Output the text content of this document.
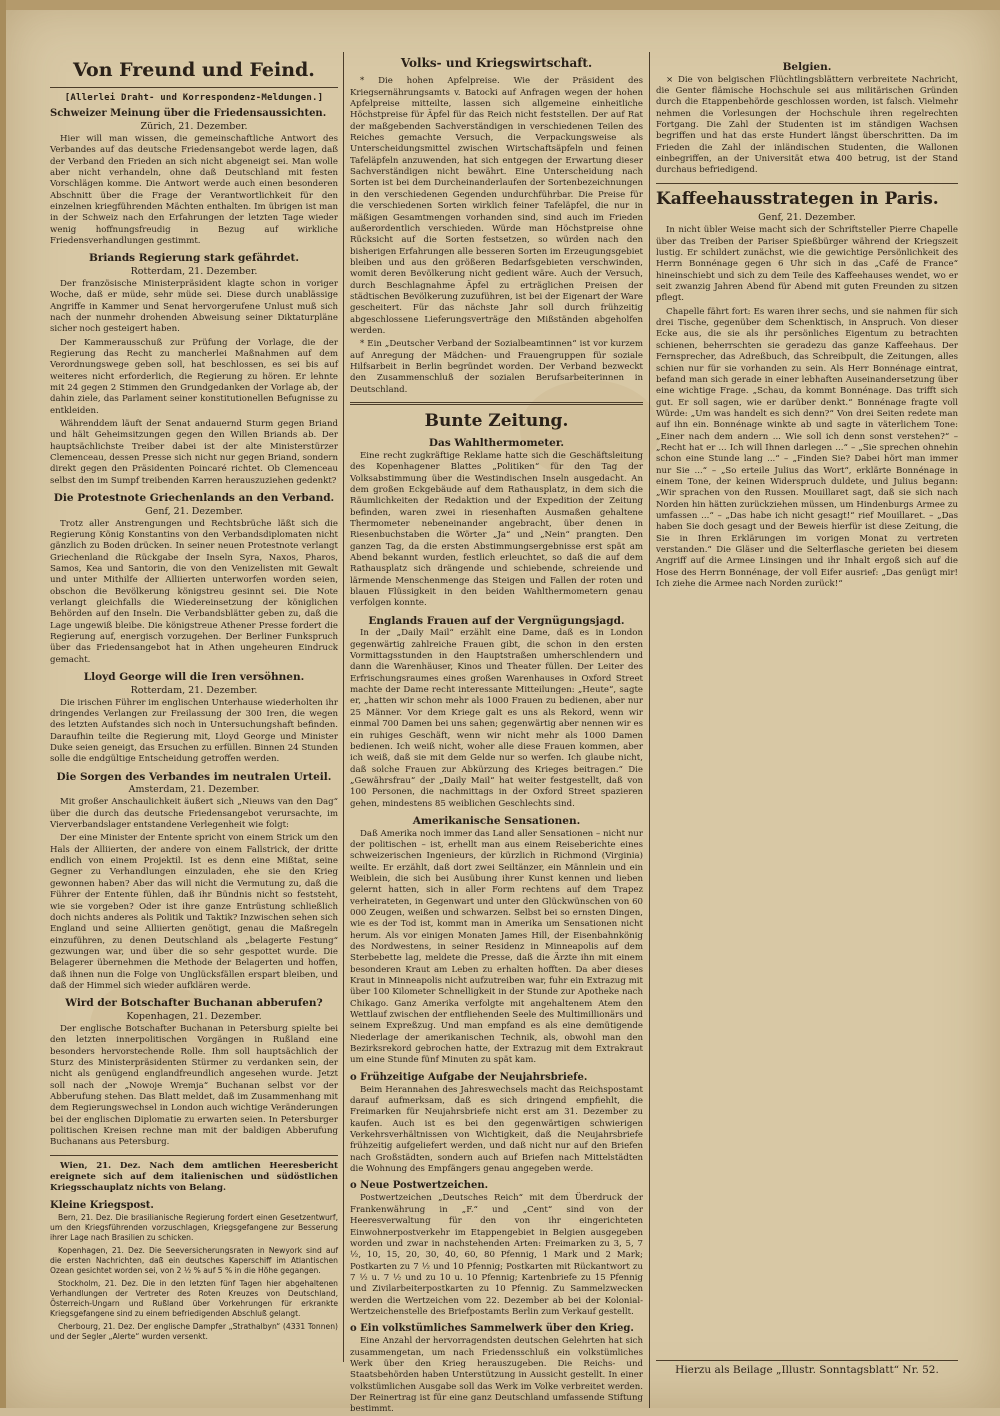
Von Freund und Feind.
[Allerlei Draht- und Korrespondenz-Meldungen.]
Schweizer Meinung über die Friedensaussichten.
Zürich, 21. Dezember.

Hier will man wissen, die gemeinschaftliche Antwort des Verbandes auf das deutsche Friedensangebot werde lagen, daß der Verband den Frieden an sich nicht abgeneigt sei. Man wolle aber nicht verhandeln, ohne daß Deutschland mit festen Vorschlägen komme. Die Antwort werde auch einen besonderen Abschnitt über die Frage der Verantwortlichkeit für den einzelnen kriegführenden Mächten enthalten. Im übrigen ist man in der Schweiz nach den Erfahrungen der letzten Tage wieder wenig hoffnungsfreudig in Bezug auf wirkliche Friedensverhandlungen gestimmt.

Briands Regierung stark gefährdet.
Rotterdam, 21. Dezember.

Der französische Ministerpräsident klagte schon in voriger Woche, daß er müde, sehr müde sei. Diese durch unablässige Angriffe in Kammer und Senat hervorgerufene Unlust muß sich nach der nunmehr drohenden Abweisung seiner Diktaturpläne sicher noch gesteigert haben.

Der Kammerausschuß zur Prüfung der Vorlage, die der Regierung das Recht zu mancherlei Maßnahmen auf dem Verordnungswege geben soll, hat beschlossen, es sei bis auf weiteres nicht erforderlich, die Regierung zu hören. Er lehnte mit 24 gegen 2 Stimmen den Grundgedanken der Vorlage ab, der dahin ziele, das Parlament seiner konstitutionellen Befugnisse zu entkleiden.

Währenddem läuft der Senat andauernd Sturm gegen Briand und hält Geheimsitzungen gegen den Willen Briands ab. Der hauptsächlichste Treiber dabei ist der alte Ministerstürzer Clemenceau, dessen Presse sich nicht nur gegen Briand, sondern direkt gegen den Präsidenten Poincaré richtet. Ob Clemenceau selbst den im Sumpf treibenden Karren herauszuziehen gedenkt?

Die Protestnote Griechenlands an den Verband.
Genf, 21. Dezember.

Trotz aller Anstrengungen und Rechtsbrüche läßt sich die Regierung König Konstantins von den Verbandsdiplomaten nicht gänzlich zu Boden drücken. In seiner neuen Protestnote verlangt Griechenland die Rückgabe der Inseln Syra, Naxos, Pharos, Samos, Kea und Santorin, die von den Venizelisten mit Gewalt und unter Mithilfe der Alliierten unterworfen worden seien, obschon die Bevölkerung königstreu gesinnt sei. Die Note verlangt gleichfalls die Wiedereinsetzung der königlichen Behörden auf den Inseln. Die Verbandsblätter geben zu, daß die Lage ungewiß bleibe. Die königstreue Athener Presse fordert die Regierung auf, energisch vorzugehen. Der Berliner Funkspruch über das Friedensangebot hat in Athen ungeheuren Eindruck gemacht.

Lloyd George will die Iren versöhnen.
Rotterdam, 21. Dezember.

Die irischen Führer im englischen Unterhause wiederholten ihr dringendes Verlangen zur Freilassung der 300 Iren, die wegen des letzten Aufstandes sich noch in Untersuchungshaft befinden. Daraufhin teilte die Regierung mit, Lloyd George und Minister Duke seien geneigt, das Ersuchen zu erfüllen. Binnen 24 Stunden solle die endgültige Entscheidung getroffen werden.

Die Sorgen des Verbandes im neutralen Urteil.
Amsterdam, 21. Dezember.

Mit großer Anschaulichkeit äußert sich „Nieuws van den Dag“ über die durch das deutsche Friedensangebot verursachte, im Vierverbandslager entstandene Verlegenheit wie folgt:

Der eine Minister der Entente spricht von einem Strick um den Hals der Alliierten, der andere von einem Fallstrick, der dritte endlich von einem Projektil. Ist es denn eine Mißtat, seine Gegner zu Verhandlungen einzuladen, ehe sie den Krieg gewonnen haben? Aber das will nicht die Vermutung zu, daß die Führer der Entente fühlen, daß ihr Bündnis nicht so feststeht, wie sie vorgeben? Oder ist ihre ganze Entrüstung schließlich doch nichts anderes als Politik und Taktik? Inzwischen sehen sich England und seine Alliierten genötigt, genau die Maßregeln einzuführen, zu denen Deutschland als „belagerte Festung“ gezwungen war, und über die so sehr gespottet wurde. Die Belagerer übernehmen die Methode der Belagerten und hoffen, daß ihnen nun die Folge von Unglücksfällen erspart bleiben, und daß der Himmel sich wieder aufklären werde.

Wird der Botschafter Buchanan abberufen?
Kopenhagen, 21. Dezember.

Der englische Botschafter Buchanan in Petersburg spielte bei den letzten innerpolitischen Vorgängen in Rußland eine besonders hervorstechende Rolle. Ihm soll hauptsächlich der Sturz des Ministerpräsidenten Stürmer zu verdanken sein, der nicht als genügend englandfreundlich angesehen wurde. Jetzt soll nach der „Nowoje Wremja“ Buchanan selbst vor der Abberufung stehen. Das Blatt meldet, daß im Zusammenhang mit dem Regierungswechsel in London auch wichtige Veränderungen bei der englischen Diplomatie zu erwarten seien. In Petersburger politischen Kreisen rechne man mit der baldigen Abberufung Buchanans aus Petersburg.

Wien, 21. Dez. Nach dem amtlichen Heeresbericht ereignete sich auf dem italienischen und südöstlichen Kriegsschauplatz nichts von Belang.

Kleine Kriegspost.

Bern, 21. Dez. Die brasilianische Regierung fordert einen Gesetzentwurf, um den Kriegsführenden vorzuschlagen, Kriegsgefangene zur Besserung ihrer Lage nach Brasilien zu schicken.

Kopenhagen, 21. Dez. Die Seeversicherungsraten in Newyork sind auf die ersten Nachrichten, daß ein deutsches Kaperschiff im Atlantischen Ozean gesichtet worden sei, von 2 ½ % auf 5 % in die Höhe gegangen.

Stockholm, 21. Dez. Die in den letzten fünf Tagen hier abgehaltenen Verhandlungen der Vertreter des Roten Kreuzes von Deutschland, Österreich-Ungarn und Rußland über Vorkehrungen für erkrankte Kriegsgefangene sind zu einem befriedigenden Abschluß gelangt.

Cherbourg, 21. Dez. Der englische Dampfer „Strathalbyn“ (4331 Tonnen) und der Segler „Alerte“ wurden versenkt.

Volks- und Kriegswirtschaft.

* Die hohen Apfelpreise. Wie der Präsident des Kriegsernährungsamts v. Batocki auf Anfragen wegen der hohen Apfelpreise mitteilte, lassen sich allgemeine einheitliche Höchstpreise für Äpfel für das Reich nicht feststellen. Der auf Rat der maßgebenden Sachverständigen in verschiedenen Teilen des Reiches gemachte Versuch, die Verpackungsweise als Unterscheidungsmittel zwischen Wirtschaftsäpfeln und feinen Tafeläpfeln anzuwenden, hat sich entgegen der Erwartung dieser Sachverständigen nicht bewährt. Eine Unterscheidung nach Sorten ist bei dem Durcheinanderlaufen der Sortenbezeichnungen in den verschiedenen Gegenden undurchführbar. Die Preise für die verschiedenen Sorten wirklich feiner Tafeläpfel, die nur in mäßigen Gesamtmengen vorhanden sind, sind auch im Frieden außerordentlich verschieden. Würde man Höchstpreise ohne Rücksicht auf die Sorten festsetzen, so würden nach den bisherigen Erfahrungen alle besseren Sorten im Erzeugungsgebiet bleiben und aus den größeren Bedarfsgebieten verschwinden, womit deren Bevölkerung nicht gedient wäre. Auch der Versuch, durch Beschlagnahme Äpfel zu erträglichen Preisen der städtischen Bevölkerung zuzuführen, ist bei der Eigenart der Ware gescheitert. Für das nächste Jahr soll durch frühzeitig abgeschlossene Lieferungsverträge den Mißständen abgeholfen werden.

* Ein „Deutscher Verband der Sozialbeamtinnen“ ist vor kurzem auf Anregung der Mädchen- und Frauengruppen für soziale Hilfsarbeit in Berlin begründet worden. Der Verband bezweckt den Zusammenschluß der sozialen Berufsarbeiterinnen in Deutschland.

Bunte Zeitung.
Das Wahlthermometer.

Eine recht zugkräftige Reklame hatte sich die Geschäftsleitung des Kopenhagener Blattes „Politiken“ für den Tag der Volksabstimmung über die Westindischen Inseln ausgedacht. An dem großen Eckgebäude auf dem Rathausplatz, in dem sich die Räumlichkeiten der Redaktion und der Expedition der Zeitung befinden, waren zwei in riesenhaften Ausmaßen gehaltene Thermometer nebeneinander angebracht, über denen in Riesenbuchstaben die Wörter „Ja“ und „Nein“ prangten. Den ganzen Tag, da die ersten Abstimmungsergebnisse erst spät am Abend bekannt wurden, festlich erleuchtet, so daß die auf dem Rathausplatz sich drängende und schiebende, schreiende und lärmende Menschenmenge das Steigen und Fallen der roten und blauen Flüssigkeit in den beiden Wahlthermometern genau verfolgen konnte.

Englands Frauen auf der Vergnügungsjagd.

In der „Daily Mail“ erzählt eine Dame, daß es in London gegenwärtig zahlreiche Frauen gibt, die schon in den ersten Vormittagsstunden in den Hauptstraßen umherschlendern und dann die Warenhäuser, Kinos und Theater füllen. Der Leiter des Erfrischungsraumes eines großen Warenhauses in Oxford Street machte der Dame recht interessante Mitteilungen: „Heute“, sagte er, „hatten wir schon mehr als 1000 Frauen zu bedienen, aber nur 25 Männer. Vor dem Kriege galt es uns als Rekord, wenn wir einmal 700 Damen bei uns sahen; gegenwärtig aber nennen wir es ein ruhiges Geschäft, wenn wir nicht mehr als 1000 Damen bedienen. Ich weiß nicht, woher alle diese Frauen kommen, aber ich weiß, daß sie mit dem Gelde nur so werfen. Ich glaube nicht, daß solche Frauen zur Abkürzung des Krieges beitragen.“ Die „Gewährsfrau“ der „Daily Mail“ hat weiter festgestellt, daß von 100 Personen, die nachmittags in der Oxford Street spazieren gehen, mindestens 85 weiblichen Geschlechts sind.

Amerikanische Sensationen.

Daß Amerika noch immer das Land aller Sensationen – nicht nur der politischen – ist, erhellt man aus einem Reiseberichte eines schweizerischen Ingenieurs, der kürzlich in Richmond (Virginia) weilte. Er erzählt, daß dort zwei Seiltänzer, ein Männlein und ein Weiblein, die sich bei Ausübung ihrer Kunst kennen und lieben gelernt hatten, sich in aller Form rechtens auf dem Trapez verheirateten, in Gegenwart und unter den Glückwünschen von 60 000 Zeugen, weißen und schwarzen. Selbst bei so ernsten Dingen, wie es der Tod ist, kommt man in Amerika um Sensationen nicht herum. Als vor einigen Monaten James Hill, der Eisenbahnkönig des Nordwestens, in seiner Residenz in Minneapolis auf dem Sterbebette lag, meldete die Presse, daß die Ärzte ihn mit einem besonderen Kraut am Leben zu erhalten hofften. Da aber dieses Kraut in Minneapolis nicht aufzutreiben war, fuhr ein Extrazug mit über 100 Kilometer Schnelligkeit in der Stunde zur Apotheke nach Chikago. Ganz Amerika verfolgte mit angehaltenem Atem den Wettlauf zwischen der entfliehenden Seele des Multimillionärs und seinem Expreßzug. Und man empfand es als eine demütigende Niederlage der amerikanischen Technik, als, obwohl man den Bezirksrekord gebrochen hatte, der Extrazug mit dem Extrakraut um eine Stunde fünf Minuten zu spät kam.

o Frühzeitige Aufgabe der Neujahrsbriefe.

Beim Herannahen des Jahreswechsels macht das Reichspostamt darauf aufmerksam, daß es sich dringend empfiehlt, die Freimarken für Neujahrsbriefe nicht erst am 31. Dezember zu kaufen. Auch ist es bei den gegenwärtigen schwierigen Verkehrsverhältnissen von Wichtigkeit, daß die Neujahrsbriefe frühzeitig aufgeliefert werden, und daß nicht nur auf den Briefen nach Großstädten, sondern auch auf Briefen nach Mittelstädten die Wohnung des Empfängers genau angegeben werde.

o Neue Postwertzeichen.

Postwertzeichen „Deutsches Reich“ mit dem Überdruck der Frankenwährung in „F.“ und „Cent“ sind von der Heeresverwaltung für den von ihr eingerichteten Einwohnerpostverkehr im Etappengebiet in Belgien ausgegeben worden und zwar in nachstehenden Arten: Freimarken zu 3, 5, 7 ½, 10, 15, 20, 30, 40, 60, 80 Pfennig, 1 Mark und 2 Mark; Postkarten zu 7 ½ und 10 Pfennig; Postkarten mit Rückantwort zu 7 ½ u. 7 ½ und zu 10 u. 10 Pfennig; Kartenbriefe zu 15 Pfennig und Zivilarbeiterpostkarten zu 10 Pfennig. Zu Sammelzwecken werden die Wertzeichen vom 22. Dezember ab bei der Kolonial-Wertzeichenstelle des Briefpostamts Berlin zum Verkauf gestellt.

o Ein volkstümliches Sammelwerk über den Krieg.

Eine Anzahl der hervorragendsten deutschen Gelehrten hat sich zusammengetan, um nach Friedensschluß ein volkstümliches Werk über den Krieg herauszugeben. Die Reichs- und Staatsbehörden haben Unterstützung in Aussicht gestellt. In einer volkstümlichen Ausgabe soll das Werk im Volke verbreitet werden. Der Reinertrag ist für eine ganz Deutschland umfassende Stiftung bestimmt.

Belgien.

× Die von belgischen Flüchtlingsblättern verbreitete Nachricht, die Genter flämische Hochschule sei aus militärischen Gründen durch die Etappenbehörde geschlossen worden, ist falsch. Vielmehr nehmen die Vorlesungen der Hochschule ihren regelrechten Fortgang. Die Zahl der Studenten ist im ständigen Wachsen begriffen und hat das erste Hundert längst überschritten. Da im Frieden die Zahl der inländischen Studenten, die Wallonen einbegriffen, an der Universität etwa 400 betrug, ist der Stand durchaus befriedigend.

Kaffeehausstrategen in Paris.
Genf, 21. Dezember.

In nicht übler Weise macht sich der Schriftsteller Pierre Chapelle über das Treiben der Pariser Spießbürger während der Kriegszeit lustig. Er schildert zunächst, wie die gewichtige Persönlichkeit des Herrn Bonnénage gegen 6 Uhr sich in das „Café de France“ hineinschiebt und sich zu dem Teile des Kaffeehauses wendet, wo er seit zwanzig Jahren Abend für Abend mit guten Freunden zu sitzen pflegt.

Chapelle fährt fort: Es waren ihrer sechs, und sie nahmen für sich drei Tische, gegenüber dem Schenktisch, in Anspruch. Von dieser Ecke aus, die sie als ihr persönliches Eigentum zu betrachten schienen, beherrschten sie geradezu das ganze Kaffeehaus. Der Fernsprecher, das Adreßbuch, das Schreibpult, die Zeitungen, alles schien nur für sie vorhanden zu sein. Als Herr Bonnénage eintrat, befand man sich gerade in einer lebhaften Auseinandersetzung über eine wichtige Frage. „Schau, da kommt Bonnénage. Das trifft sich gut. Er soll sagen, wie er darüber denkt.“ Bonnénage fragte voll Würde: „Um was handelt es sich denn?“ Von drei Seiten redete man auf ihn ein. Bonnénage winkte ab und sagte in väterlichem Tone: „Einer nach dem andern ... Wie soll ich denn sonst verstehen?“ – „Recht hat er ... Ich will Ihnen darlegen ...“ – „Sie sprechen ohnehin schon eine Stunde lang ...“ – „Finden Sie? Dabei hört man immer nur Sie ...“ – „So erteile Julius das Wort“, erklärte Bonnénage in einem Tone, der keinen Widerspruch duldete, und Julius begann: „Wir sprachen von den Russen. Mouillaret sagt, daß sie sich nach Norden hin hätten zurückziehen müssen, um Hindenburgs Armee zu umfassen ...“ – „Das habe ich nicht gesagt!“ rief Mouillaret. – „Das haben Sie doch gesagt und der Beweis hierfür ist diese Zeitung, die Sie in Ihren Erklärungen im vorigen Monat zu vertreten verstanden.“ Die Gläser und die Selterflasche gerieten bei diesem Angriff auf die Armee Linsingen und ihr Inhalt ergoß sich auf die Hose des Herrn Bonnénage, der voll Eifer ausrief: „Das genügt mir! Ich ziehe die Armee nach Norden zurück!“

Hierzu als Beilage „Illustr. Sonntagsblatt“ Nr. 52.
